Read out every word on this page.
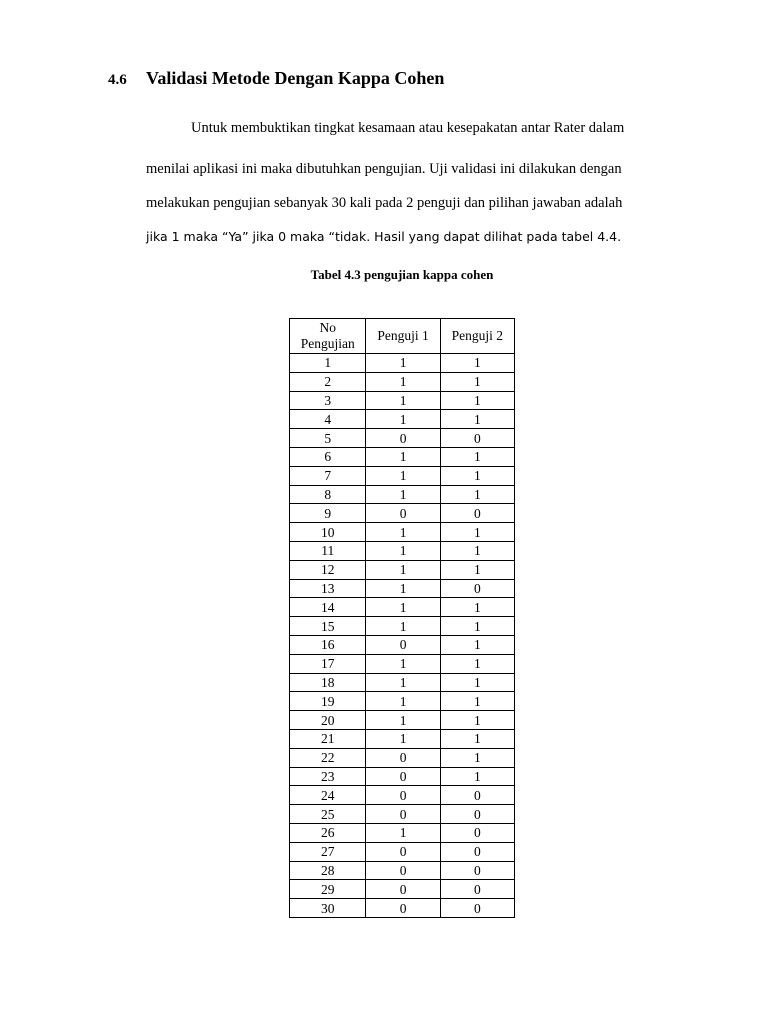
4.6	Validasi Metode Dengan Kappa Cohen
Untuk membuktikan tingkat kesamaan atau kesepakatan antar Rater dalam
menilai aplikasi ini maka dibutuhkan pengujian. Uji validasi ini dilakukan dengan
melakukan pengujian sebanyak 30 kali pada 2 penguji dan pilihan jawaban adalah
jika 1 maka “Ya” jika 0 maka “tidak. Hasil yang dapat dilihat pada tabel 4.4.
Tabel 4.3 pengujian kappa cohen
No
Pengujian	Penguji 1	Penguji 2
1	1	1
2	1	1
3	1	1
4	1	1
5	0	0
6	1	1
7	1	1
8	1	1
9	0	0
10	1	1
11	1	1
12	1	1
13	1	0
14	1	1
15	1	1
16	0	1
17	1	1
18	1	1
19	1	1
20	1	1
21	1	1
22	0	1
23	0	1
24	0	0
25	0	0
26	1	0
27	0	0
28	0	0
29	0	0
30	0	0
